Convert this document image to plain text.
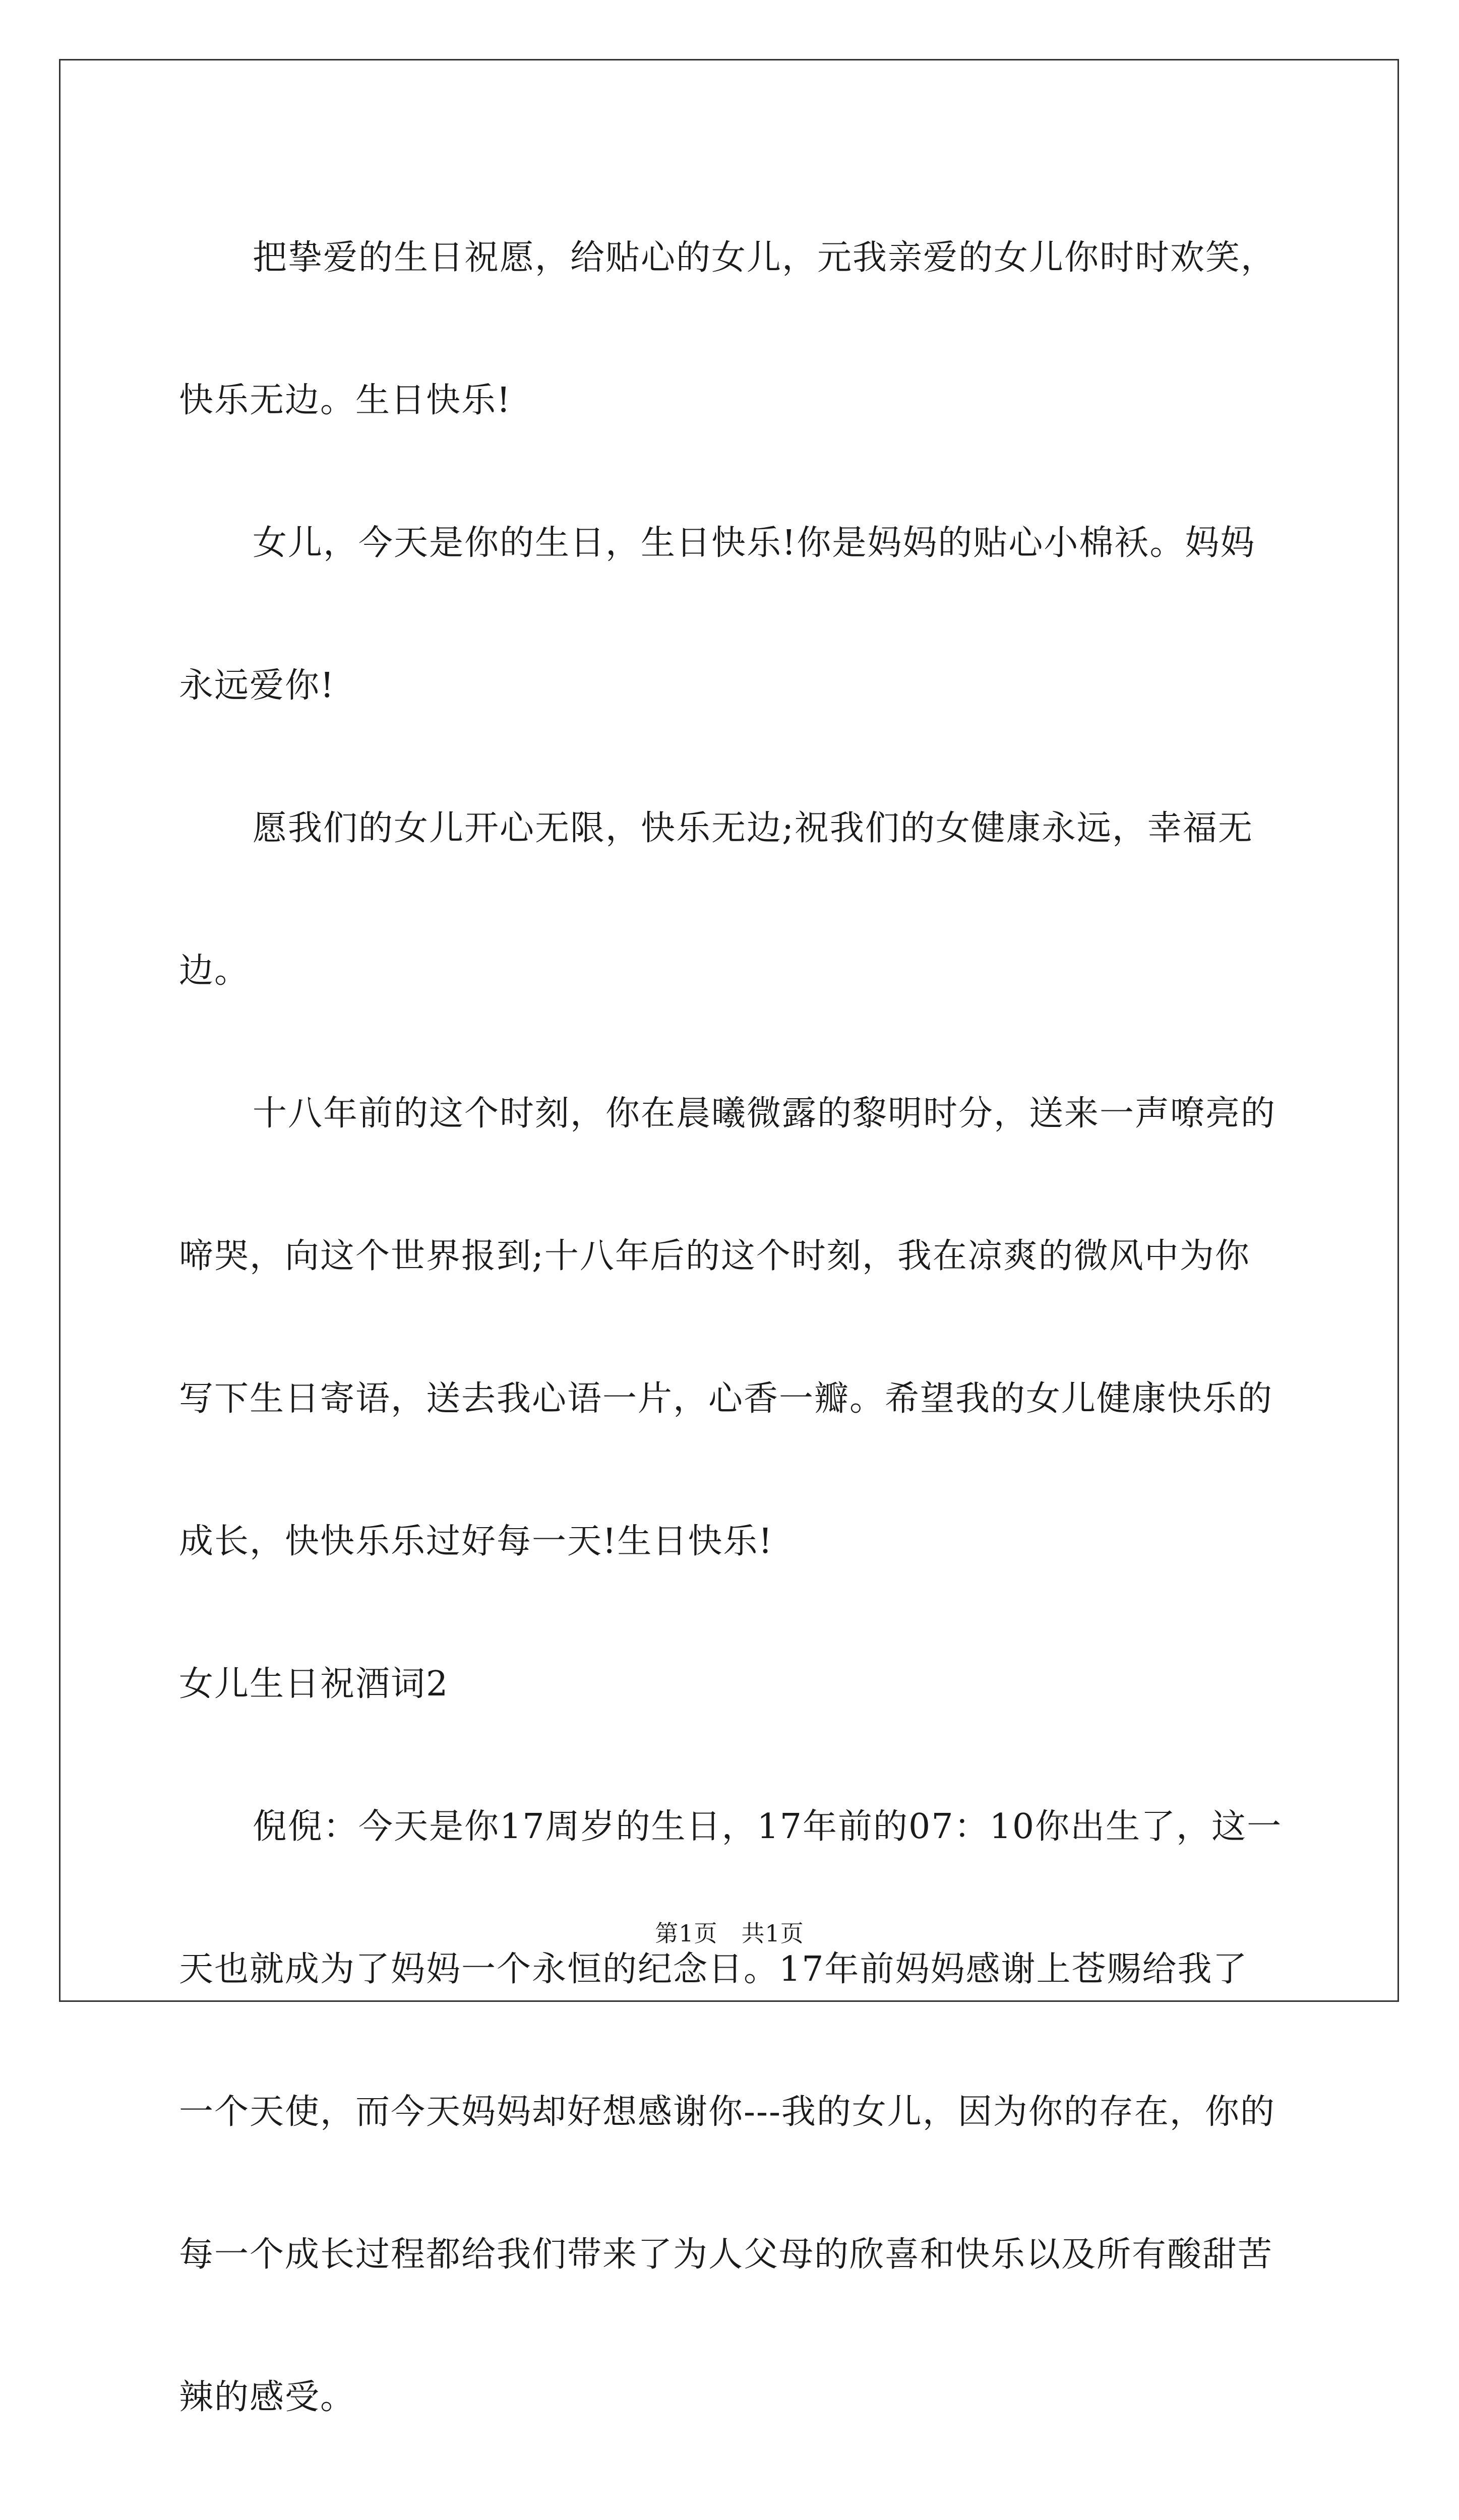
把挚爱的生日祝愿，给贴心的女儿，元我亲爱的女儿你时时欢笑，快乐无边。生日快乐!

女儿，今天是你的生日，生日快乐!你是妈妈的贴心小棉袄。妈妈永远爱你!

愿我们的女儿开心无限，快乐无边;祝我们的女健康永远，幸福无边。

十八年前的这个时刻，你在晨曦微露的黎明时分，送来一声嘹亮的啼哭，向这个世界报到;十八年后的这个时刻，我在凉爽的微风中为你写下生日寄语，送去我心语一片，心香一瓣。希望我的女儿健康快乐的成长，快快乐乐过好每一天!生日快乐!

女儿生日祝酒词2

倪倪：今天是你17周岁的生日，17年前的07：10你出生了，这一天也就成为了妈妈一个永恒的纪念日。17年前妈妈感谢上苍赐给我了一个天使，而今天妈妈却好想感谢你---我的女儿，因为你的存在，你的每一个成长过程都给我们带来了为人父母的欣喜和快乐以及所有酸甜苦辣的感受。

第1页　共1页
